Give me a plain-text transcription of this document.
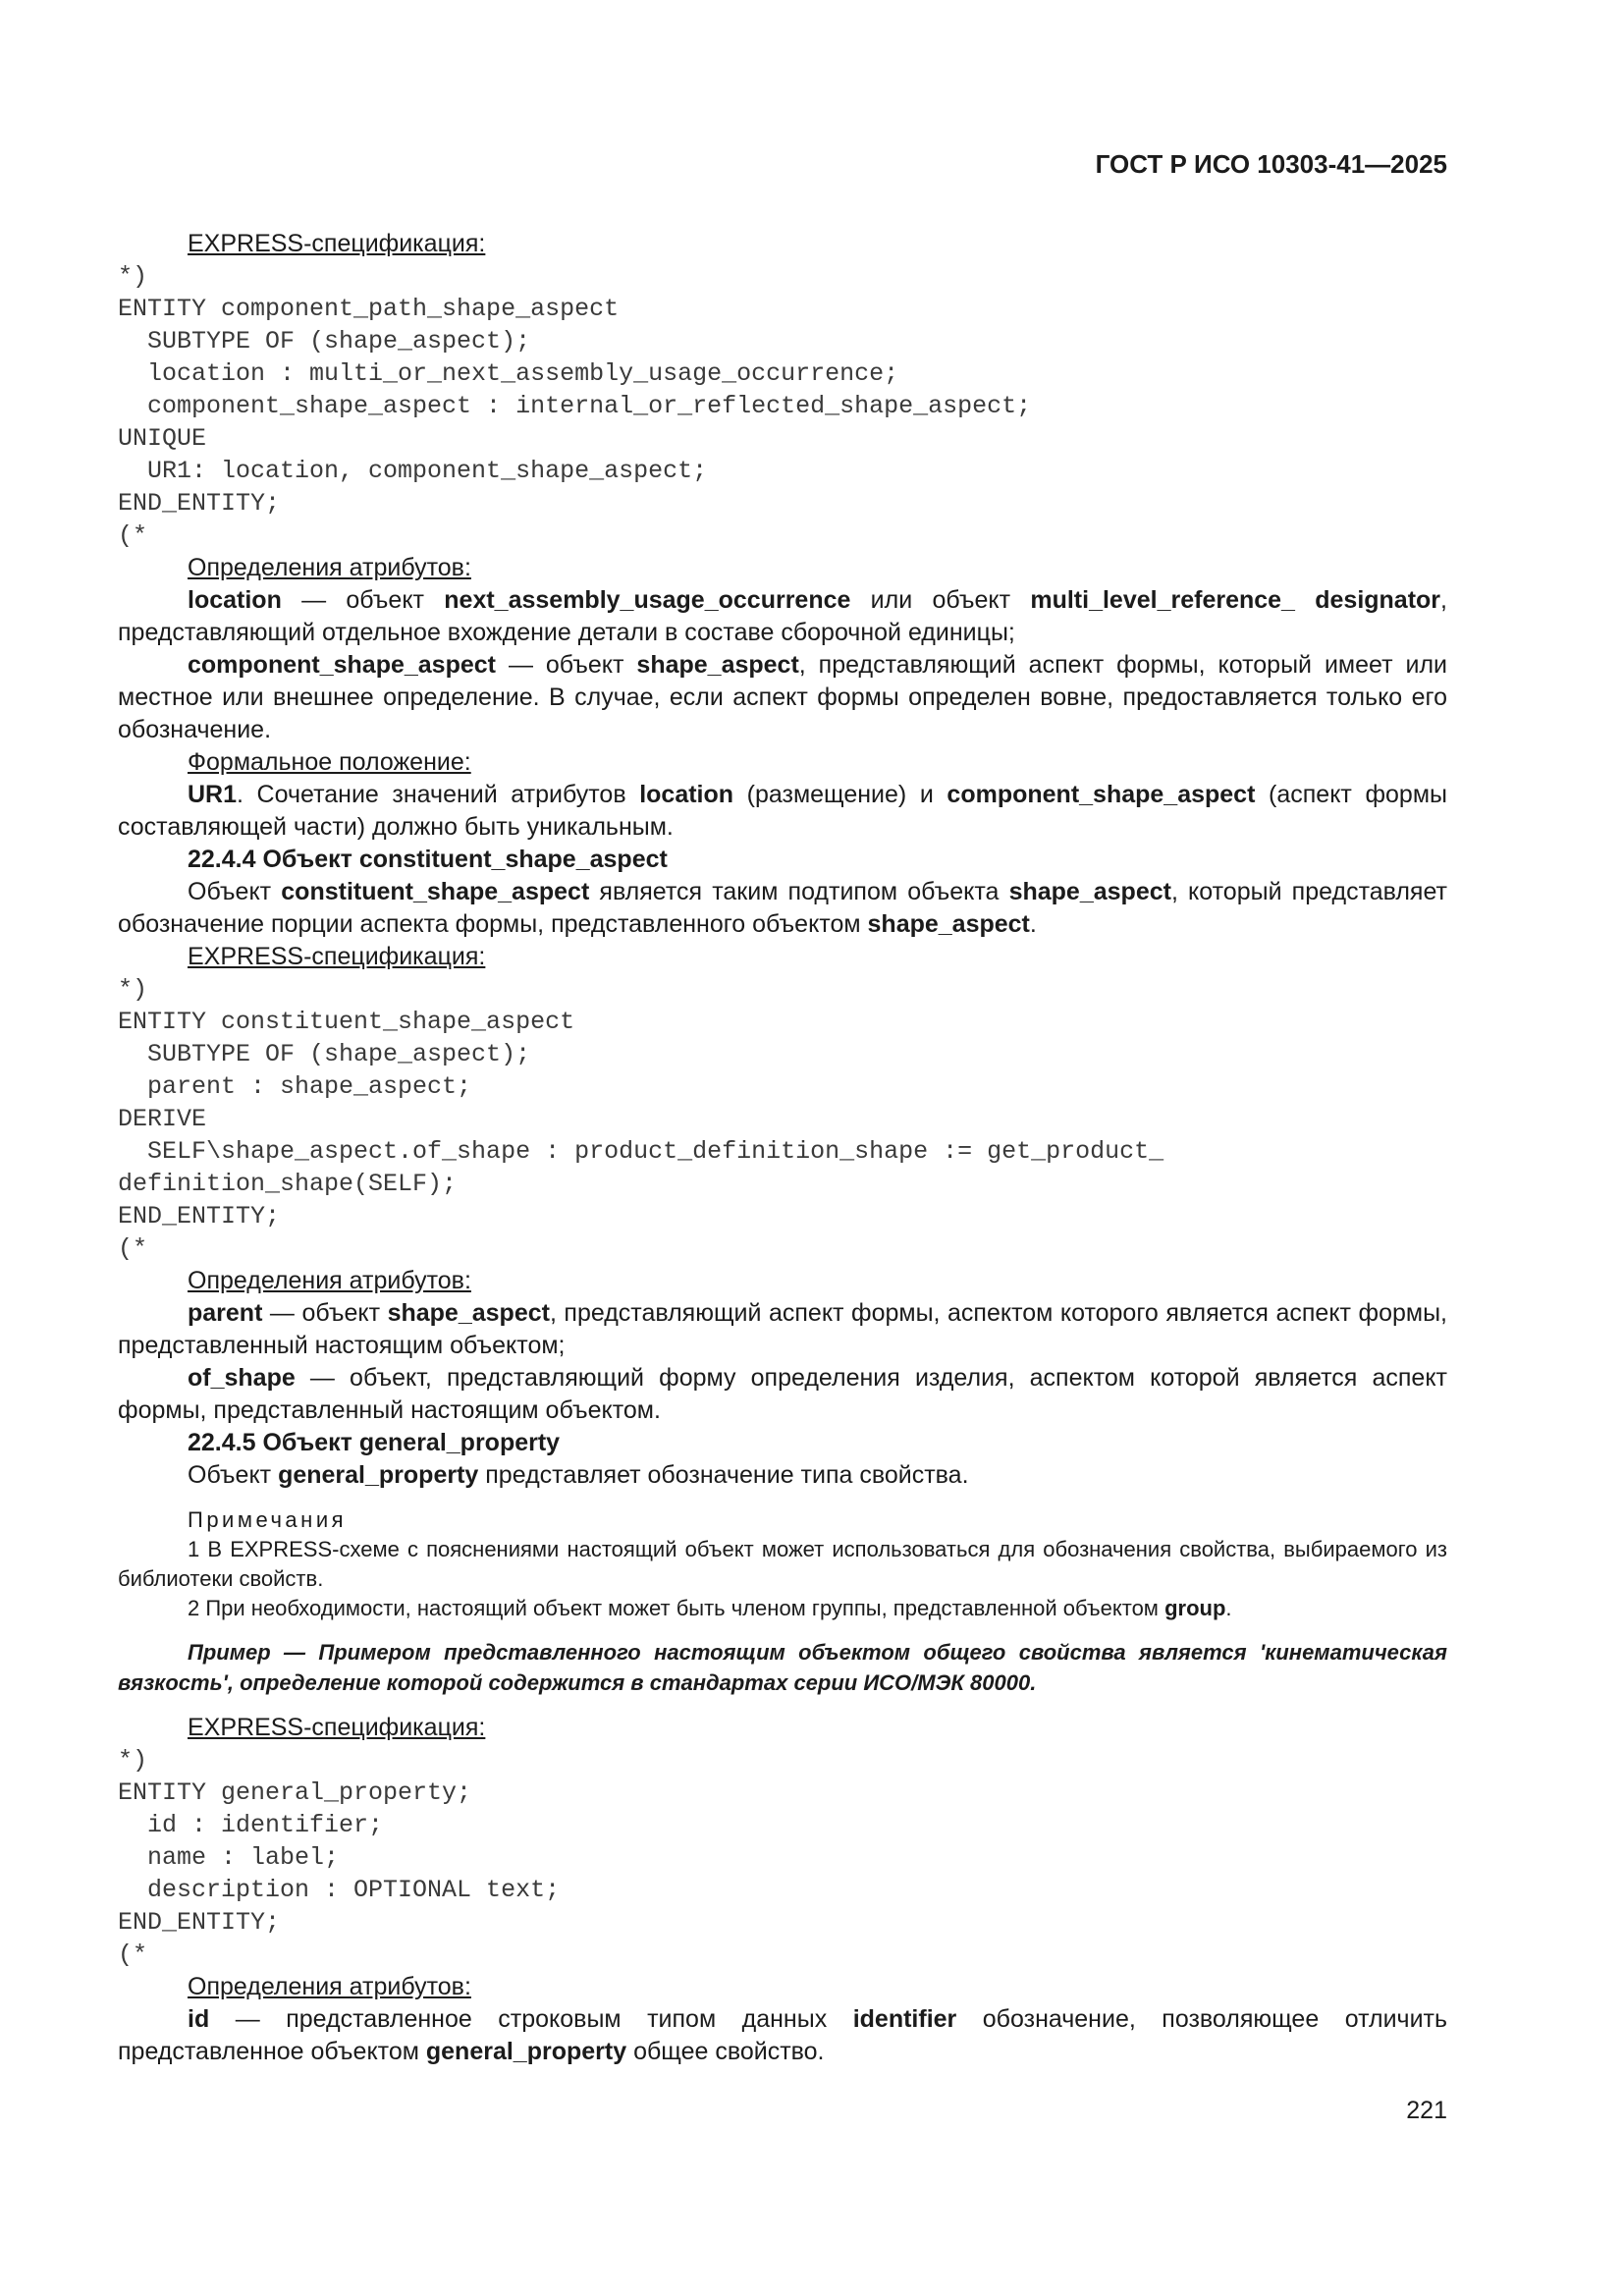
ГОСТ Р ИСО 10303-41—2025

EXPRESS-спецификация:

*)
ENTITY component_path_shape_aspect
SUBTYPE OF (shape_aspect);
location : multi_or_next_assembly_usage_occurrence;
component_shape_aspect : internal_or_reflected_shape_aspect;
UNIQUE
UR1: location, component_shape_aspect;
END_ENTITY;
(*

Определения атрибутов:

location — объект next_assembly_usage_occurrence или объект multi_level_reference_ designator, представляющий отдельное вхождение детали в составе сборочной единицы;

component_shape_aspect — объект shape_aspect, представляющий аспект формы, который имеет или местное или внешнее определение. В случае, если аспект формы определен вовне, предоставляется только его обозначение.

Формальное положение:

UR1. Сочетание значений атрибутов location (размещение) и component_shape_aspect (аспект формы составляющей части) должно быть уникальным.

22.4.4 Объект constituent_shape_aspect

Объект constituent_shape_aspect является таким подтипом объекта shape_aspect, который представляет обозначение порции аспекта формы, представленного объектом shape_aspect.

EXPRESS-спецификация:

*)
ENTITY constituent_shape_aspect
SUBTYPE OF (shape_aspect);
parent : shape_aspect;
DERIVE
SELF\shape_aspect.of_shape : product_definition_shape := get_product_
definition_shape(SELF);
END_ENTITY;
(*

Определения атрибутов:

parent — объект shape_aspect, представляющий аспект формы, аспектом которого является аспект формы, представленный настоящим объектом;

of_shape — объект, представляющий форму определения изделия, аспектом которой является аспект формы, представленный настоящим объектом.

22.4.5 Объект general_property

Объект general_property представляет обозначение типа свойства.

Примечания

1 В EXPRESS-схеме с пояснениями настоящий объект может использоваться для обозначения свойства, выбираемого из библиотеки свойств.

2 При необходимости, настоящий объект может быть членом группы, представленной объектом group.

Пример — Примером представленного настоящим объектом общего свойства является 'кинематическая вязкость', определение которой содержится в стандартах серии ИСО/МЭК 80000.

EXPRESS-спецификация:

*)
ENTITY general_property;
id : identifier;
name : label;
description : OPTIONAL text;
END_ENTITY;
(*

Определения атрибутов:

id — представленное строковым типом данных identifier обозначение, позволяющее отличить представленное объектом general_property общее свойство.

221
